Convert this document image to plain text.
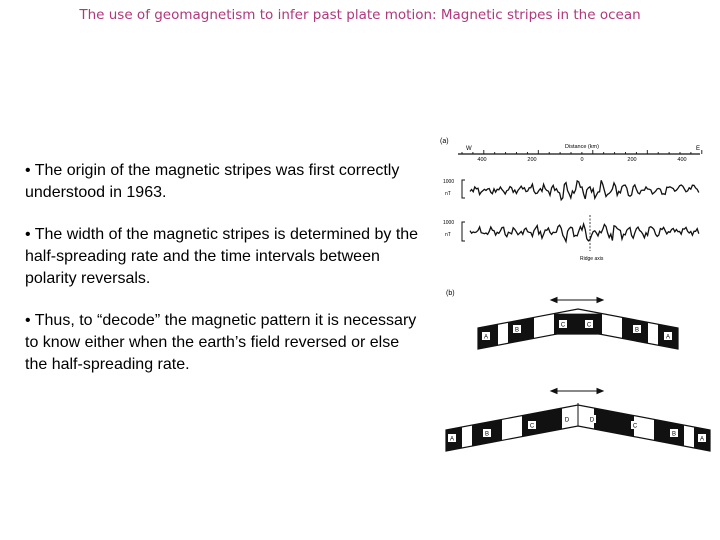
The use of geomagnetism to infer past plate motion: Magnetic stripes in the ocean
• The origin of the magnetic stripes was first correctly understood in 1963.
• The width of the magnetic stripes is determined by the half-spreading rate and the time intervals between polarity reversals.
• Thus, to “decode” the magnetic pattern it is necessary to know either when the earth’s field reversed or else the half-spreading rate.
(a)
W	Distance (km)	E
400	200	0	200	400
1000
nT
1000
nT
Ridge axis
(b)
A
B
C	C
B
A
A
B
C
D	D
C
B
A
